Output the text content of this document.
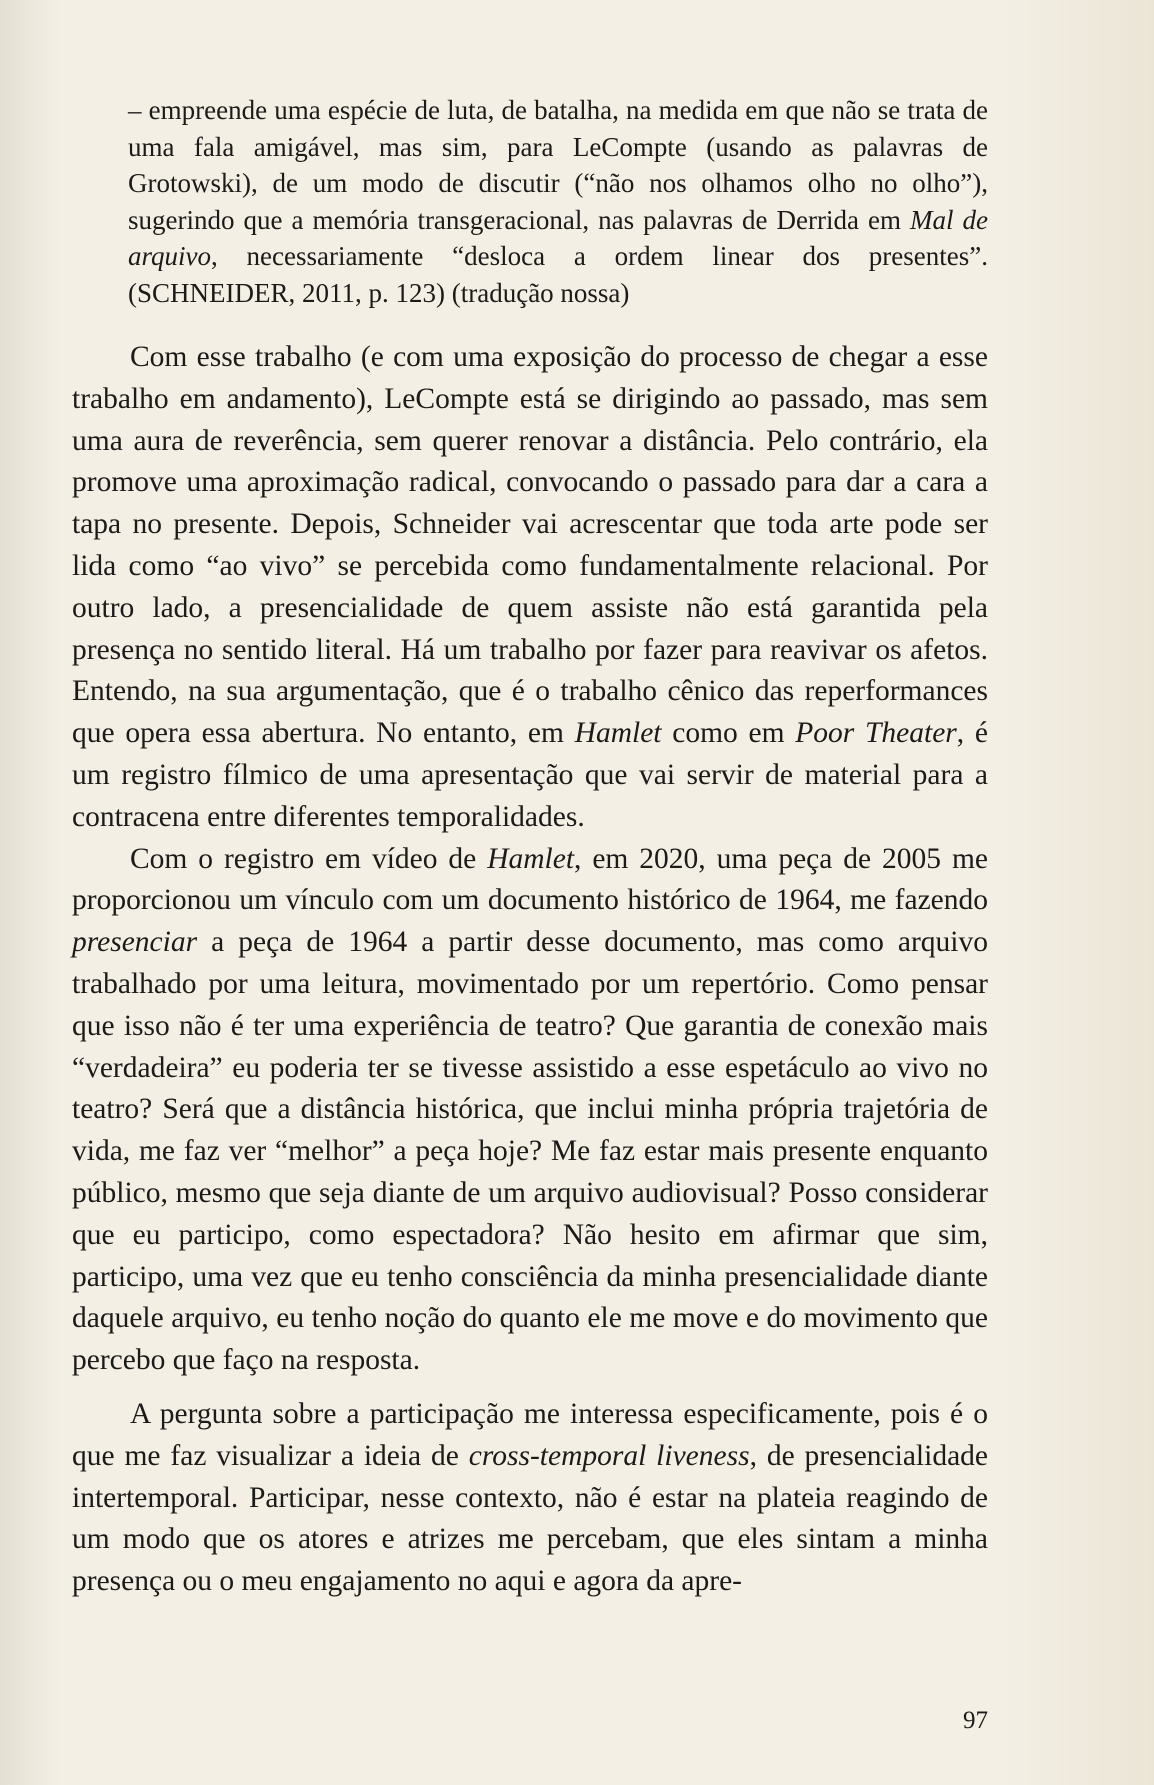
– empreende uma espécie de luta, de batalha, na medida em que não se trata de uma fala amigável, mas sim, para LeCompte (usando as palavras de Grotowski), de um modo de discutir (“não nos olhamos olho no olho”), sugerindo que a memória transgeracional, nas palavras de Derrida em Mal de arquivo, necessariamente “desloca a ordem linear dos presentes”. (SCHNEIDER, 2011, p. 123) (tradução nossa)

Com esse trabalho (e com uma exposição do processo de chegar a esse trabalho em andamento), LeCompte está se dirigindo ao passado, mas sem uma aura de reverência, sem querer renovar a distância. Pelo contrário, ela promove uma aproximação radical, convocando o passado para dar a cara a tapa no presente. Depois, Schneider vai acrescentar que toda arte pode ser lida como “ao vivo” se percebida como fundamentalmente relacional. Por outro lado, a presencialidade de quem assiste não está garantida pela presença no sentido literal. Há um trabalho por fazer para reavivar os afetos. Entendo, na sua argumentação, que é o trabalho cênico das reperformances que opera essa abertura. No entanto, em Hamlet como em Poor Theater, é um registro fílmico de uma apresentação que vai servir de material para a contracena entre diferentes temporalidades.

Com o registro em vídeo de Hamlet, em 2020, uma peça de 2005 me proporcionou um vínculo com um documento histórico de 1964, me fazendo presenciar a peça de 1964 a partir desse documento, mas como arquivo trabalhado por uma leitura, movimentado por um repertório. Como pensar que isso não é ter uma experiência de teatro? Que garantia de conexão mais “verdadeira” eu poderia ter se tivesse assistido a esse espetáculo ao vivo no teatro? Será que a distância histórica, que inclui minha própria trajetória de vida, me faz ver “melhor” a peça hoje? Me faz estar mais presente enquanto público, mesmo que seja diante de um arquivo audiovisual? Posso considerar que eu participo, como espectadora? Não hesito em afirmar que sim, participo, uma vez que eu tenho consciência da minha presencialidade diante daquele arquivo, eu tenho noção do quanto ele me move e do movimento que percebo que faço na resposta.

A pergunta sobre a participação me interessa especificamente, pois é o que me faz visualizar a ideia de cross-temporal liveness, de presencialidade intertemporal. Participar, nesse contexto, não é estar na plateia reagindo de um modo que os atores e atrizes me percebam, que eles sintam a minha presença ou o meu engajamento no aqui e agora da apre-

97
